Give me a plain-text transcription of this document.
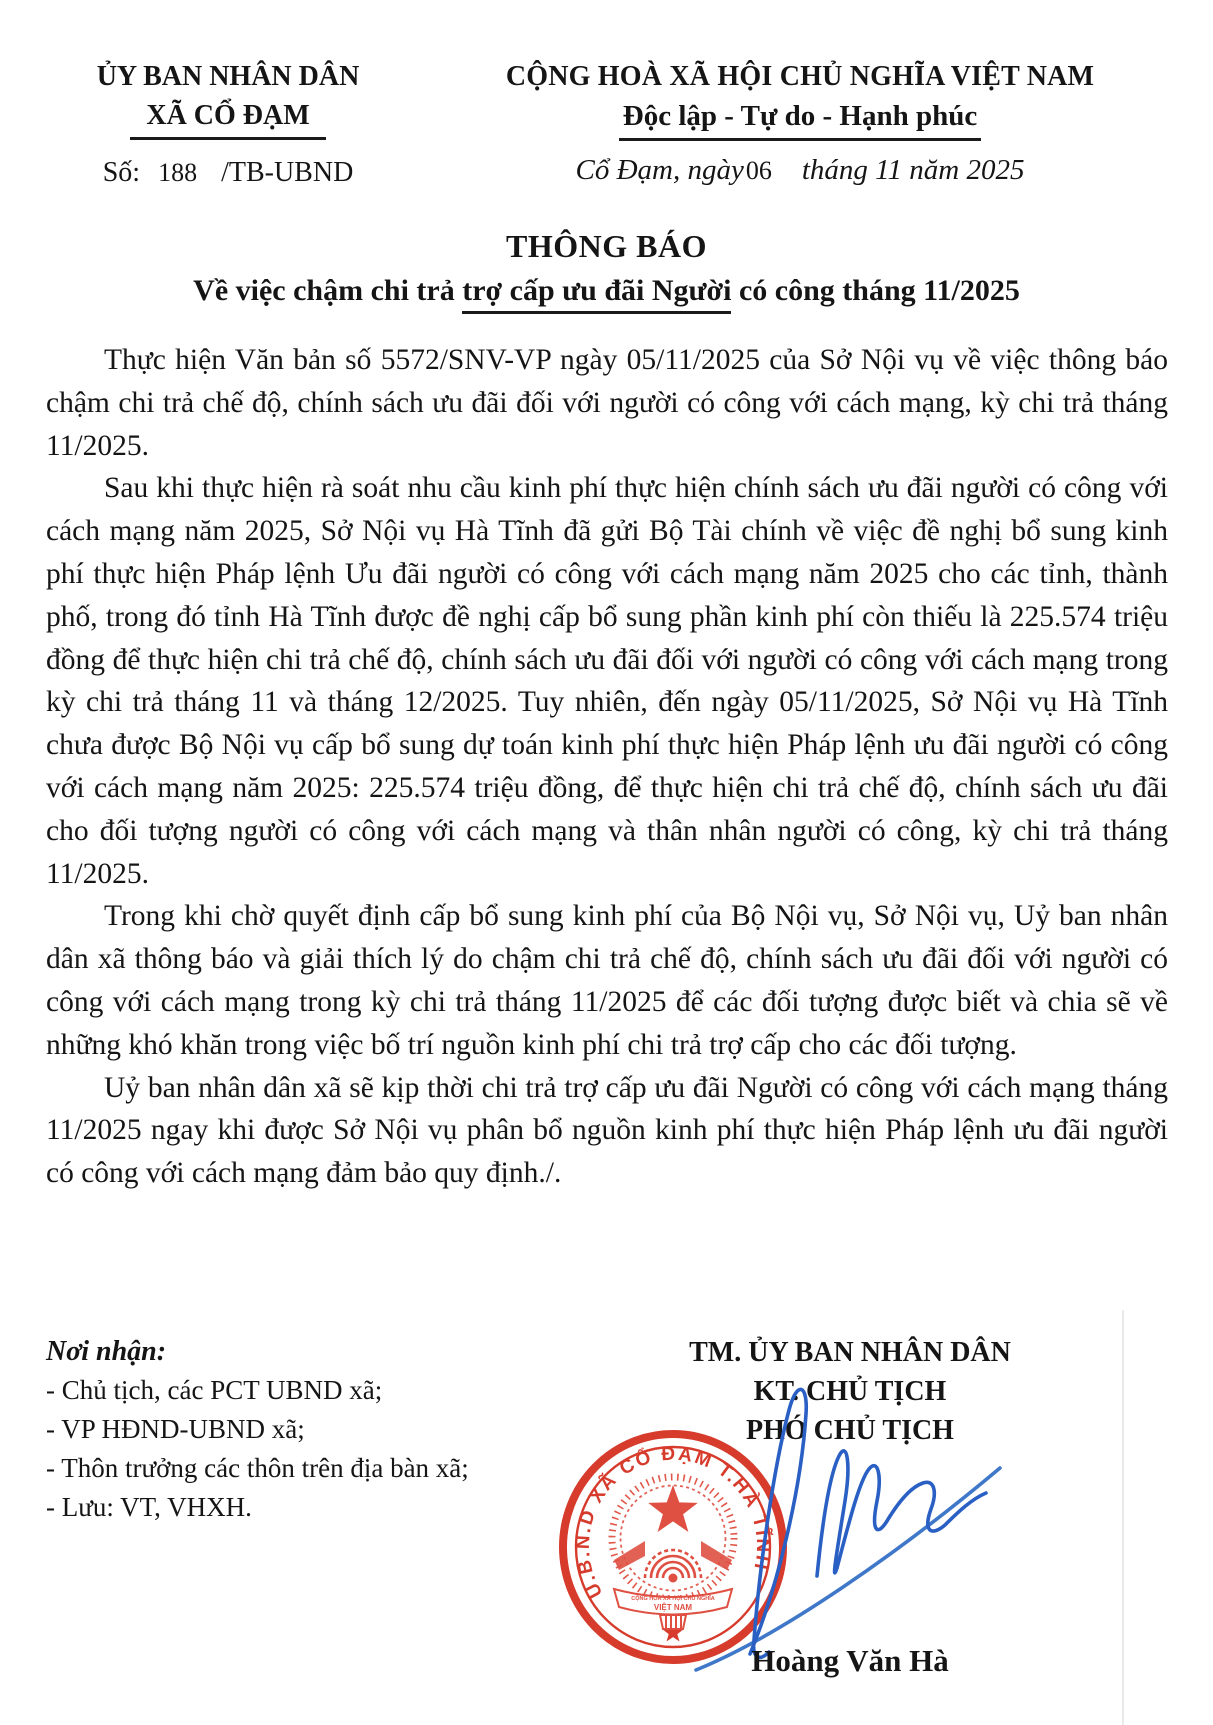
ỦY BAN NHÂN DÂN
XÃ CỔ ĐẠM
Số: 188 /TB-UBND
CỘNG HOÀ XÃ HỘI CHỦ NGHĨA VIỆT NAM
Độc lập - Tự do - Hạnh phúc
Cổ Đạm, ngày06 tháng 11 năm 2025
THÔNG BÁO
Về việc chậm chi trả trợ cấp ưu đãi Người có công tháng 11/2025

Thực hiện Văn bản số 5572/SNV-VP ngày 05/11/2025 của Sở Nội vụ về việc thông báo chậm chi trả chế độ, chính sách ưu đãi đối với người có công với cách mạng, kỳ chi trả tháng 11/2025.

Sau khi thực hiện rà soát nhu cầu kinh phí thực hiện chính sách ưu đãi người có công với cách mạng năm 2025, Sở Nội vụ Hà Tĩnh đã gửi Bộ Tài chính về việc đề nghị bổ sung kinh phí thực hiện Pháp lệnh Ưu đãi người có công với cách mạng năm 2025 cho các tỉnh, thành phố, trong đó tỉnh Hà Tĩnh được đề nghị cấp bổ sung phần kinh phí còn thiếu là 225.574 triệu đồng để thực hiện chi trả chế độ, chính sách ưu đãi đối với người có công với cách mạng trong kỳ chi trả tháng 11 và tháng 12/2025. Tuy nhiên, đến ngày 05/11/2025, Sở Nội vụ Hà Tĩnh chưa được Bộ Nội vụ cấp bổ sung dự toán kinh phí thực hiện Pháp lệnh ưu đãi người có công với cách mạng năm 2025: 225.574 triệu đồng, để thực hiện chi trả chế độ, chính sách ưu đãi cho đối tượng người có công với cách mạng và thân nhân người có công, kỳ chi trả tháng 11/2025.

Trong khi chờ quyết định cấp bổ sung kinh phí của Bộ Nội vụ, Sở Nội vụ, Uỷ ban nhân dân xã thông báo và giải thích lý do chậm chi trả chế độ, chính sách ưu đãi đối với người có công với cách mạng trong kỳ chi trả tháng 11/2025 để các đối tượng được biết và chia sẽ về những khó khăn trong việc bố trí nguồn kinh phí chi trả trợ cấp cho các đối tượng.

Uỷ ban nhân dân xã sẽ kịp thời chi trả trợ cấp ưu đãi Người có công với cách mạng tháng 11/2025 ngay khi được Sở Nội vụ phân bổ nguồn kinh phí thực hiện Pháp lệnh ưu đãi người có công với cách mạng đảm bảo quy định./.

Nơi nhận:
- Chủ tịch, các PCT UBND xã;
- VP HĐND-UBND xã;
- Thôn trưởng các thôn trên địa bàn xã;
- Lưu: VT, VHXH.
TM. ỦY BAN NHÂN DÂN
KT. CHỦ TỊCH
PHÓ CHỦ TỊCH
U.B.N.D XÃ CỔ ĐẠM T.HÀ TĨNH
CỘNG HOÀ XÃ HỘI CHỦ NGHĨA
VIỆT NAM
Hoàng Văn Hà
